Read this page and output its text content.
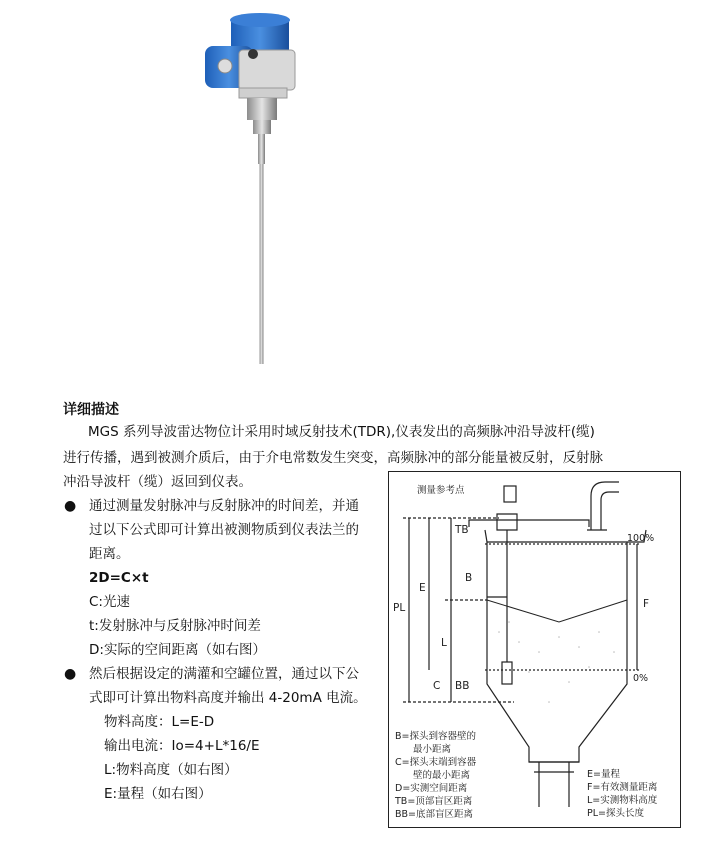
详细描述
MGS 系列导波雷达物位计采用时域反射技术(TDR),仪表发出的高频脉冲沿导波杆(缆)
进行传播，遇到被测介质后，由于介电常数发生突变，高频脉冲的部分能量被反射，反射脉
冲沿导波杆（缆）返回到仪表。
● 通过测量发射脉冲与反射脉冲的时间差，并通
过以下公式即可计算出被测物质到仪表法兰的
距离。
2D=C×t
C:光速
t:发射脉冲与反射脉冲时间差
D:实际的空间距离（如右图）
● 然后根据设定的满灌和空罐位置，通过以下公
式即可计算出物料高度并输出 4-20mA 电流。
物料高度：L=E-D
输出电流：Io=4+L*16/E
L:物料高度（如右图）
E:量程（如右图）
测量参考点
100%
0%
PL
E
TB
B
L
C BB
F
B=探头到容器壁的
最小距离
C=探头末端到容器
壁的最小距离
D=实测空间距离
TB=顶部盲区距离
BB=底部盲区距离
E=量程
F=有效测量距离
L=实测物料高度
PL=探头长度
